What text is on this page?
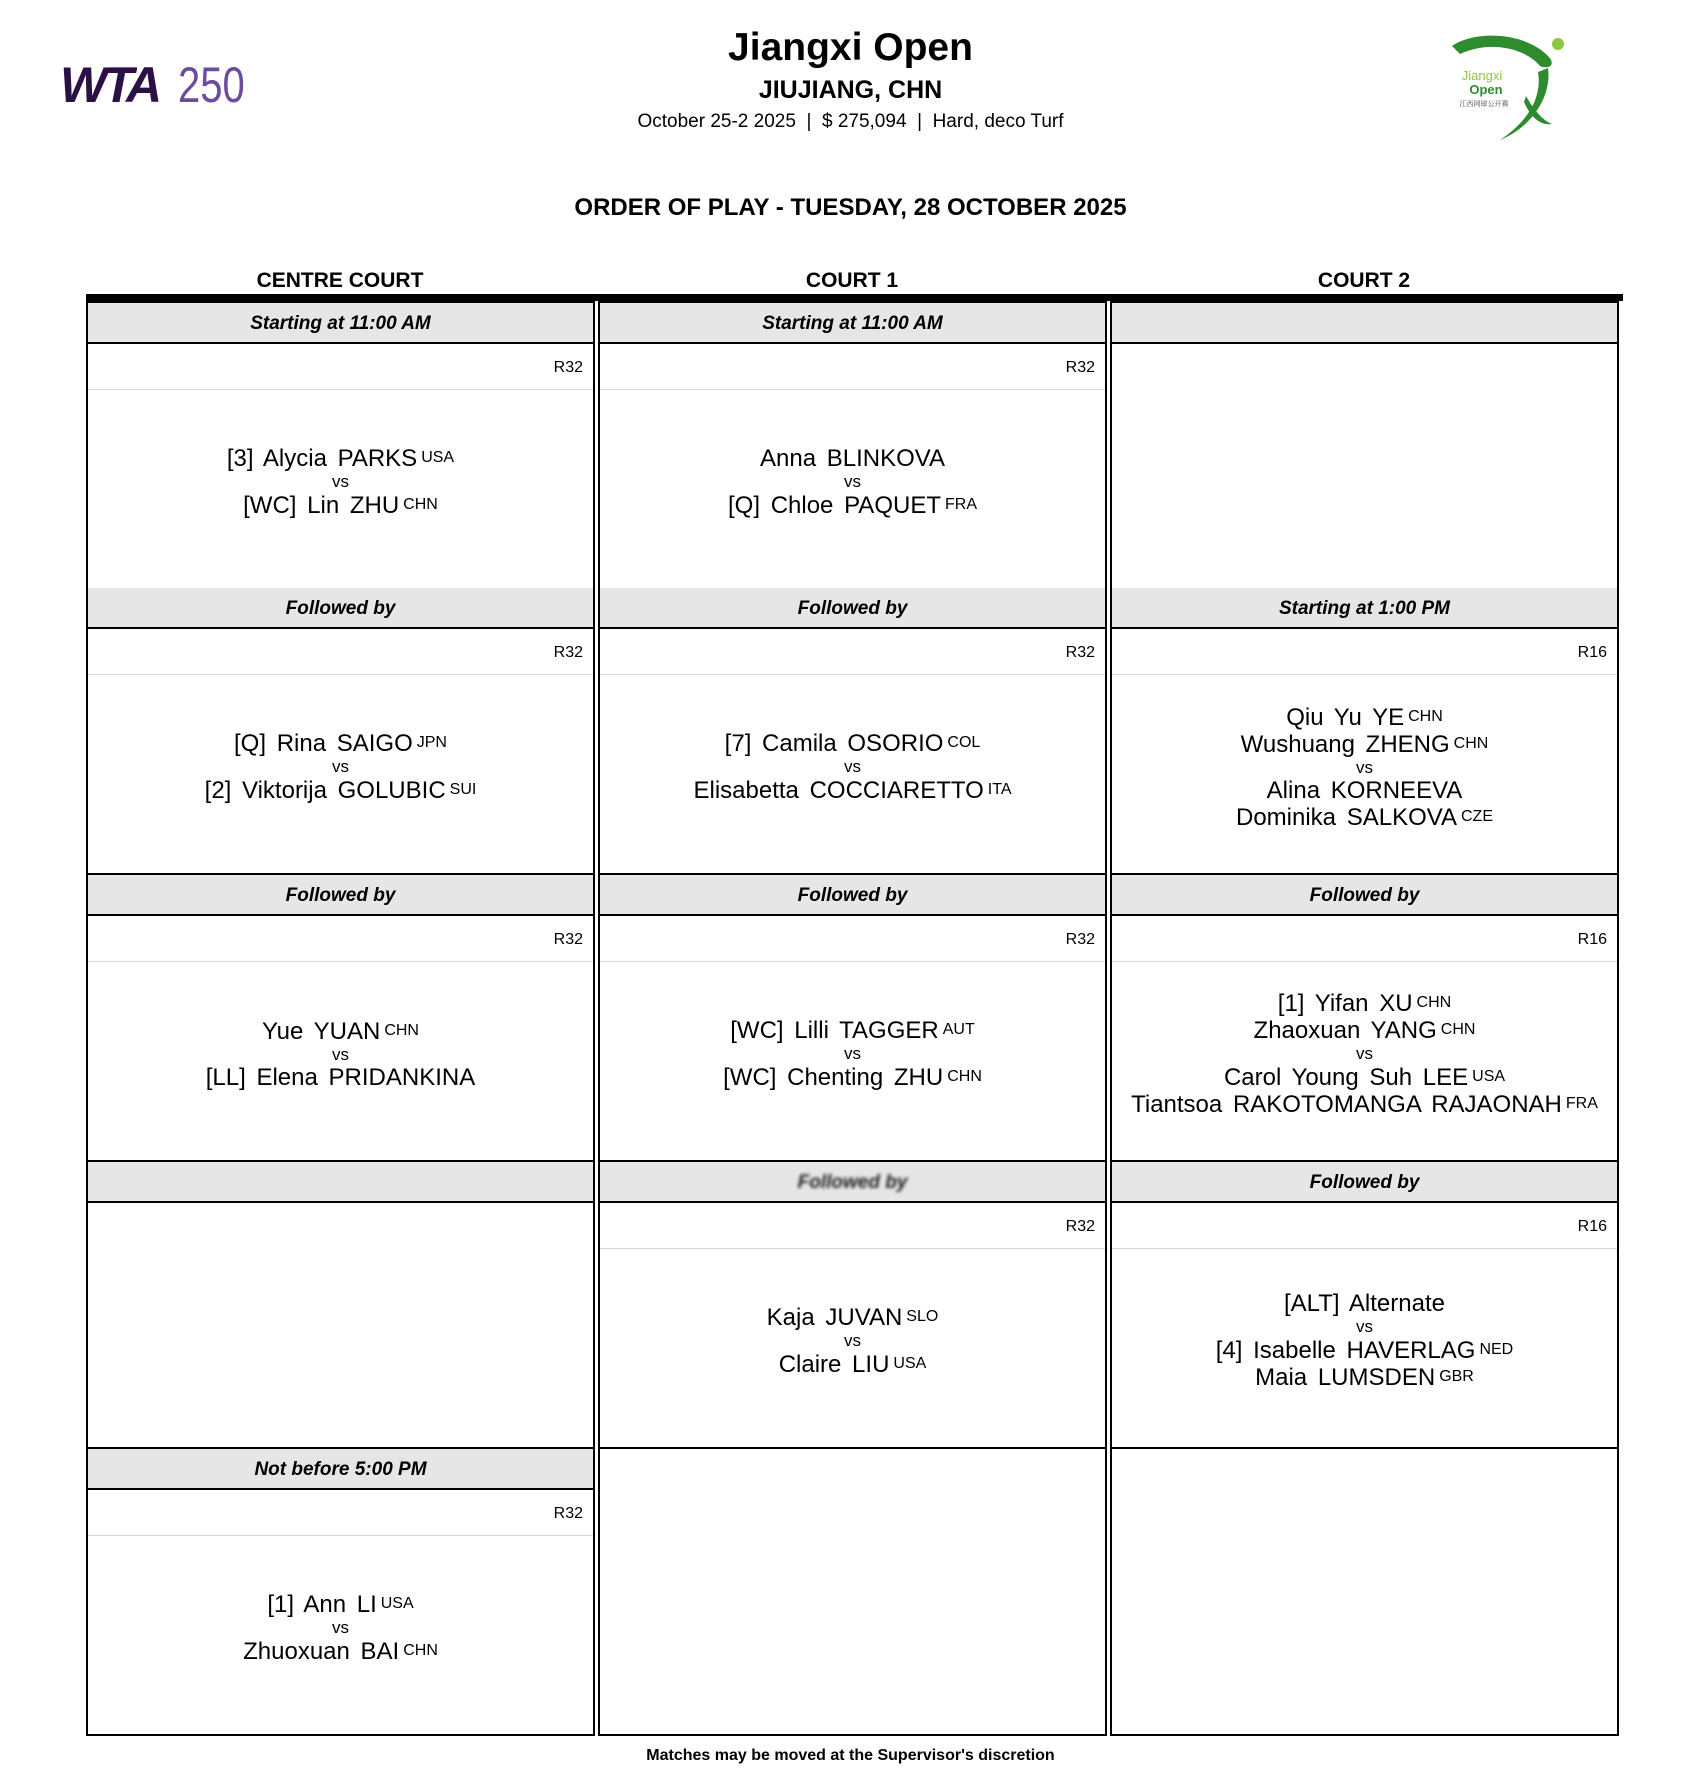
WTA 250	Jiangxi
Open
江西网球公开赛
Jiangxi Open
JIUJIANG, CHN
October 25-2 2025 | $ 275,094 | Hard, deco Turf
ORDER OF PLAY - TUESDAY, 28 OCTOBER 2025
CENTRE COURT	COURT 1	COURT 2
Starting at 11:00 AM
R32
[3] Alycia PARKS USA
vs
[WC] Lin ZHU CHN
Followed by
R32
[Q] Rina SAIGO JPN
vs
[2] Viktorija GOLUBIC SUI
Followed by
R32
Yue YUAN CHN
vs
[LL] Elena PRIDANKINA
Not before 5:00 PM
R32
[1] Ann LI USA
vs
Zhuoxuan BAI CHN
Starting at 11:00 AM
R32
Anna BLINKOVA
vs
[Q] Chloe PAQUET FRA
Followed by
R32
[7] Camila OSORIO COL
vs
Elisabetta COCCIARETTO ITA
Followed by
R32
[WC] Lilli TAGGER AUT
vs
[WC] Chenting ZHU CHN
Followed by
R32
Kaja JUVAN SLO
vs
Claire LIU USA
Starting at 1:00 PM
R16
Qiu Yu YE CHN
Wushuang ZHENG CHN
vs
Alina KORNEEVA
Dominika SALKOVA CZE
Followed by
R16
[1] Yifan XU CHN
Zhaoxuan YANG CHN
vs
Carol Young Suh LEE USA
Tiantsoa RAKOTOMANGA RAJAONAH FRA
Followed by
R16
[ALT] Alternate
vs
[4] Isabelle HAVERLAG NED
Maia LUMSDEN GBR
Matches may be moved at the Supervisor's discretion
